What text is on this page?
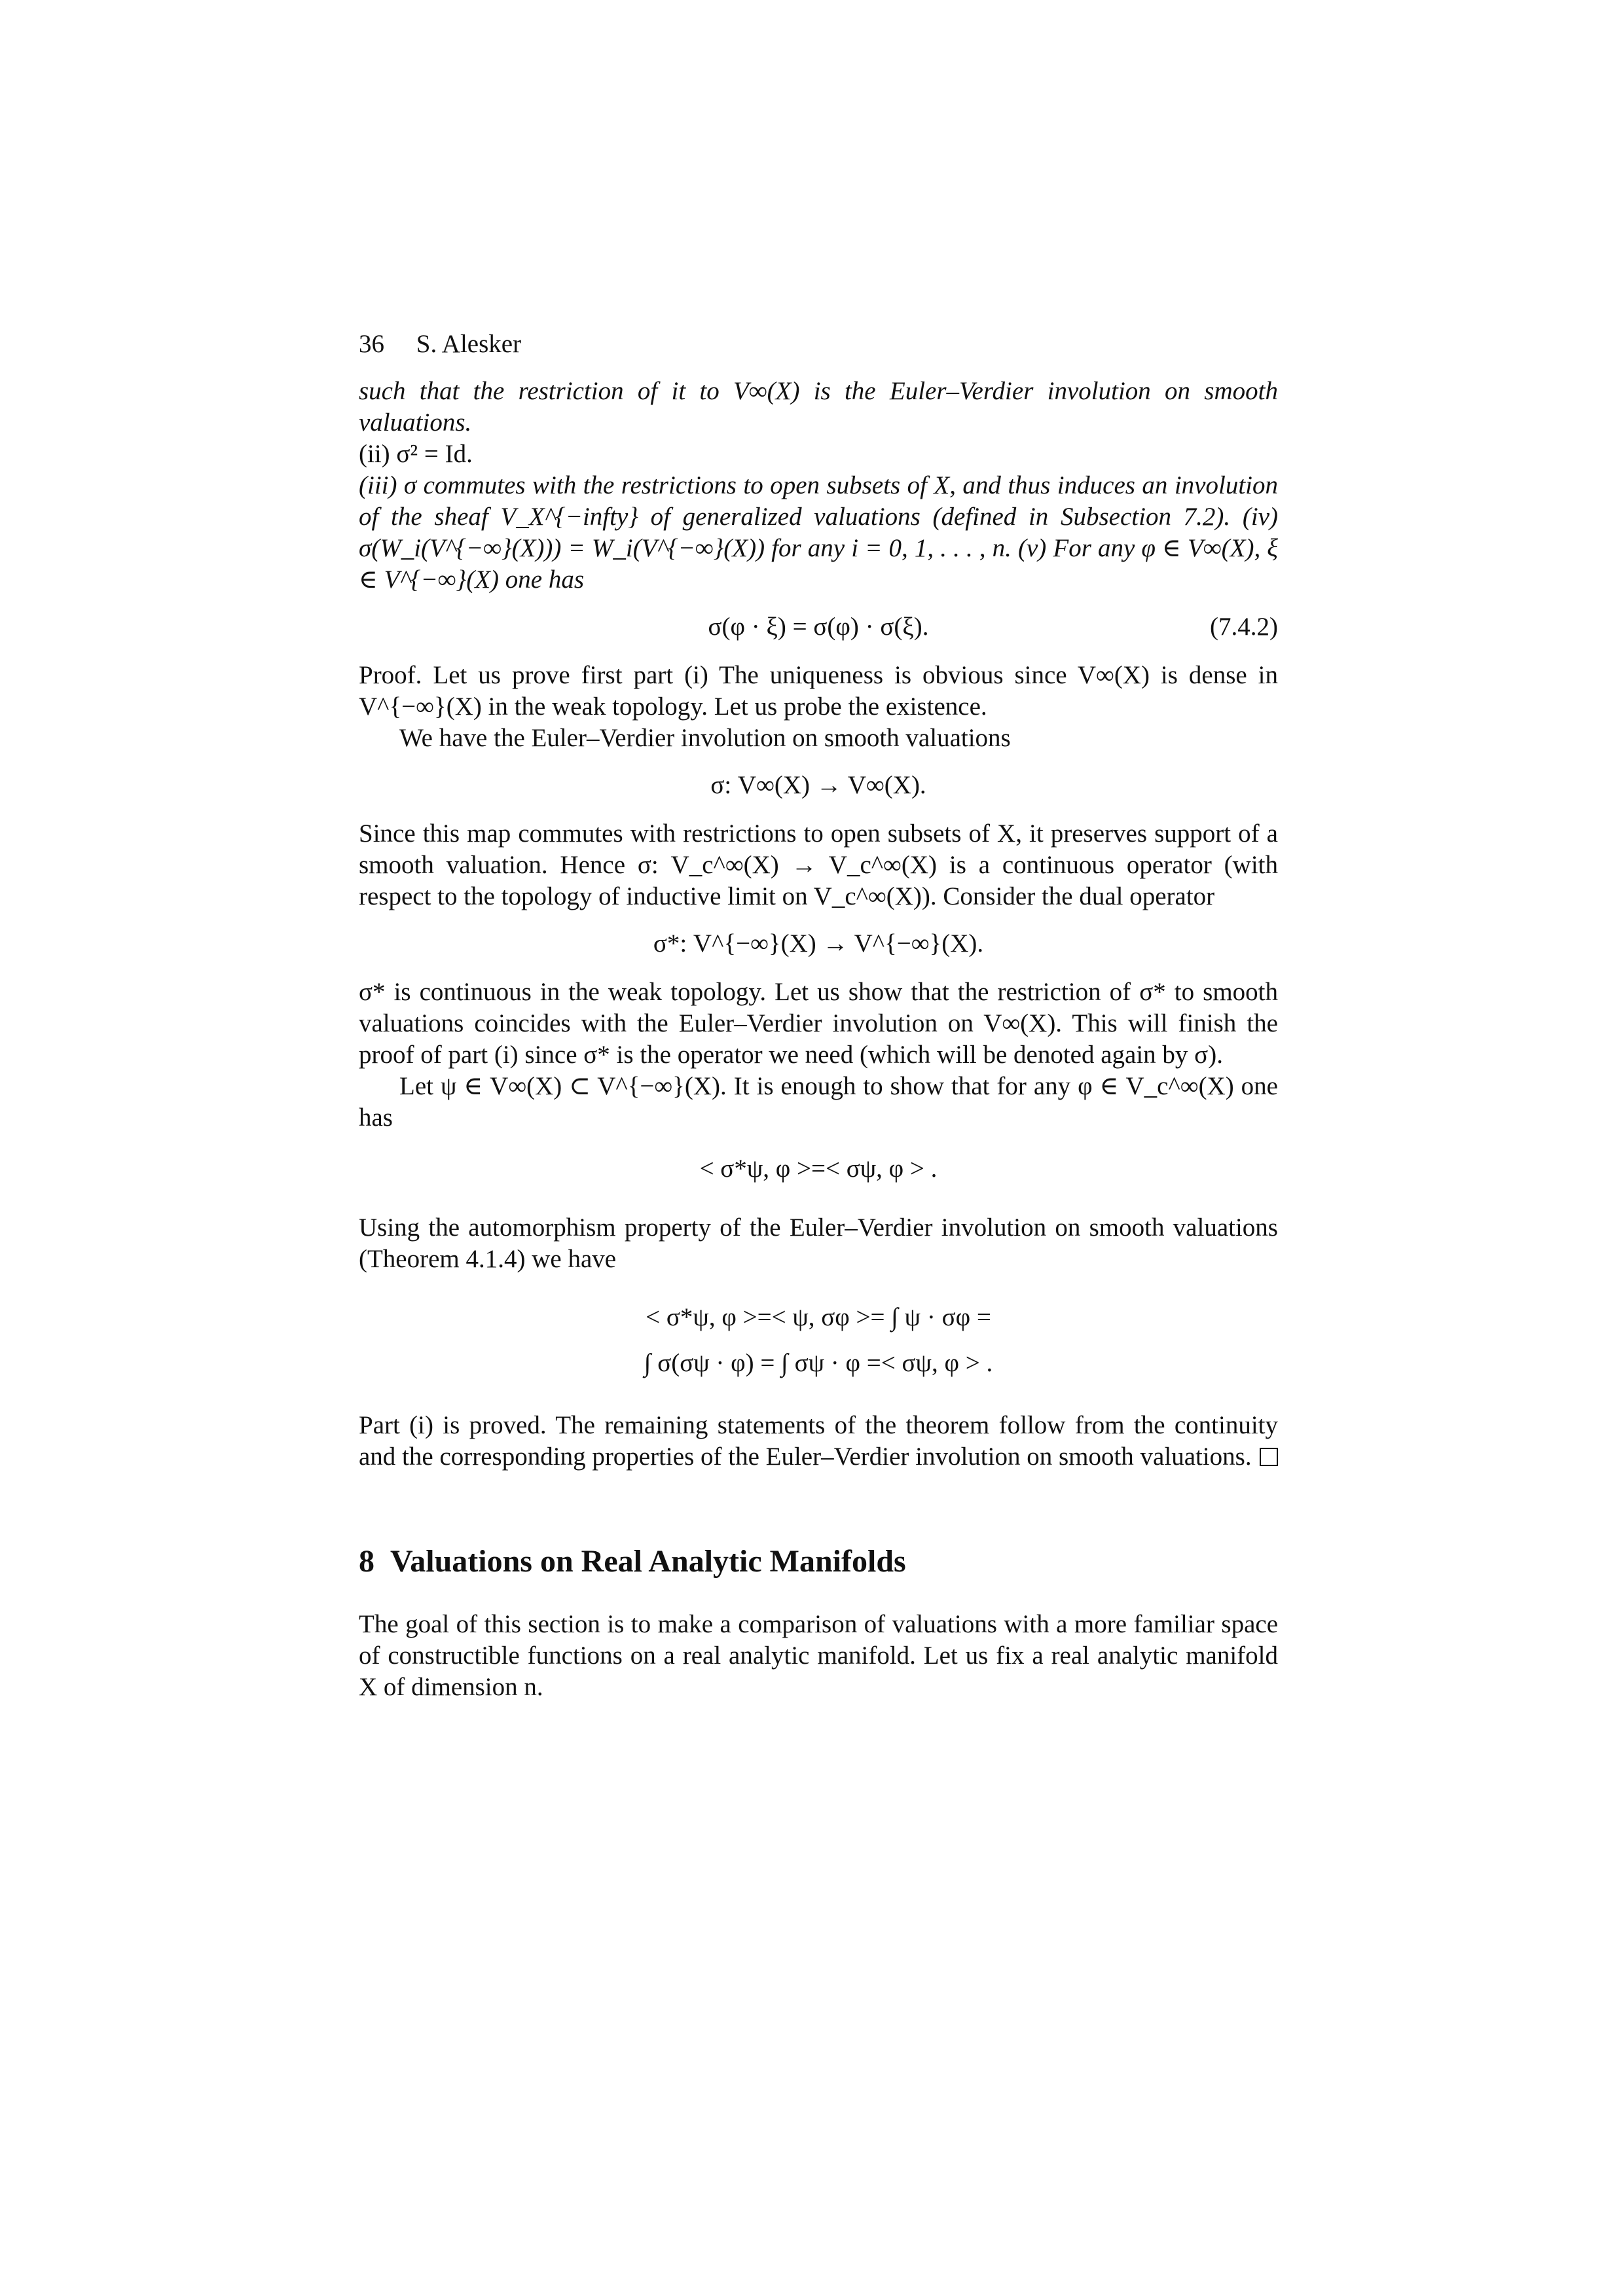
36 S. Alesker

such that the restriction of it to V∞(X) is the Euler–Verdier involution on smooth valuations.

(ii) σ² = Id.

(iii) σ commutes with the restrictions to open subsets of X, and thus induces an involution of the sheaf V_X^{−infty} of generalized valuations (defined in Subsection 7.2). (iv) σ(W_i(V^{−∞}(X))) = W_i(V^{−∞}(X)) for any i = 0, 1, . . . , n. (v) For any φ ∈ V∞(X), ξ ∈ V^{−∞}(X) one has

σ(φ · ξ) = σ(φ) · σ(ξ).	(7.4.2)

Proof. Let us prove first part (i) The uniqueness is obvious since V∞(X) is dense in V^{−∞}(X) in the weak topology. Let us probe the existence.

We have the Euler–Verdier involution on smooth valuations

σ: V∞(X) → V∞(X).

Since this map commutes with restrictions to open subsets of X, it preserves support of a smooth valuation. Hence σ: V_c^∞(X) → V_c^∞(X) is a continuous operator (with respect to the topology of inductive limit on V_c^∞(X)). Consider the dual operator

σ*: V^{−∞}(X) → V^{−∞}(X).

σ* is continuous in the weak topology. Let us show that the restriction of σ* to smooth valuations coincides with the Euler–Verdier involution on V∞(X). This will finish the proof of part (i) since σ* is the operator we need (which will be denoted again by σ).

Let ψ ∈ V∞(X) ⊂ V^{−∞}(X). It is enough to show that for any φ ∈ V_c^∞(X) one has

< σ*ψ, φ >=< σψ, φ > .

Using the automorphism property of the Euler–Verdier involution on smooth valuations (Theorem 4.1.4) we have

< σ*ψ, φ >=< ψ, σφ >= ∫ ψ · σφ =
∫ σ(σψ · φ) = ∫ σψ · φ =< σψ, φ > .

Part (i) is proved. The remaining statements of the theorem follow from the continuity and the corresponding properties of the Euler–Verdier involution on smooth valuations.

8 Valuations on Real Analytic Manifolds

The goal of this section is to make a comparison of valuations with a more familiar space of constructible functions on a real analytic manifold. Let us fix a real analytic manifold X of dimension n.
